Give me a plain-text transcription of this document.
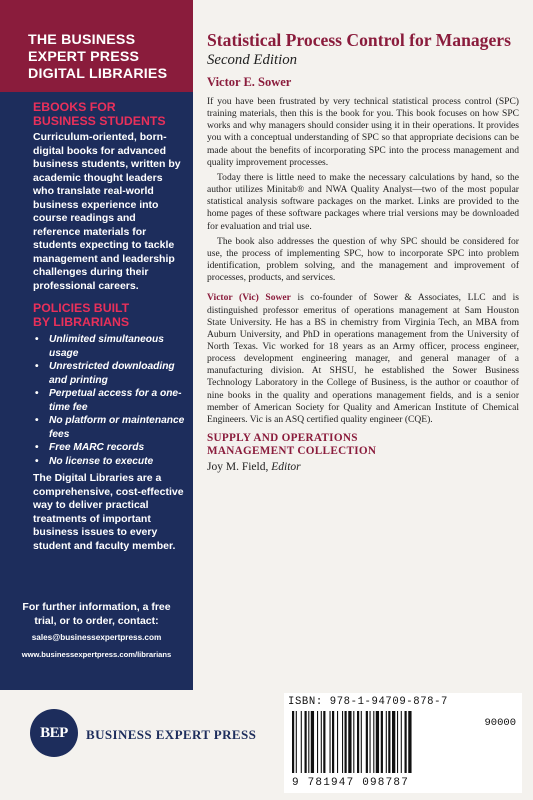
THE BUSINESS
EXPERT PRESS
DIGITAL LIBRARIES
EBOOKS FOR
BUSINESS STUDENTS
Curriculum-oriented, born-digital books for advanced business students, written by academic thought leaders who translate real-world business experience into course readings and reference materials for students expecting to tackle management and leadership challenges during their professional careers.
POLICIES BUILT
BY LIBRARIANS
• Unlimited simultaneous usage
• Unrestricted downloading and printing
• Perpetual access for a one-time fee
• No platform or maintenance fees
• Free MARC records
• No license to execute
The Digital Libraries are a comprehensive, cost-effective way to deliver practical treatments of important business issues to every student and faculty member.
For further information, a free trial, or to order, contact:
sales@businessexpertpress.com
www.businessexpertpress.com/librarians
Statistical Process Control for Managers
Second Edition
Victor E. Sower
If you have been frustrated by very technical statistical process control (SPC) training materials, then this is the book for you. This book focuses on how SPC works and why managers should consider using it in their operations. It provides you with a conceptual understanding of SPC so that appropriate decisions can be made about the benefits of incorporating SPC into the process management and quality improvement processes.
Today there is little need to make the necessary calculations by hand, so the author utilizes Minitab® and NWA Quality Analyst—two of the most popular statistical analysis software packages on the market. Links are provided to the home pages of these software packages where trial versions may be downloaded for evaluation and trial use.
The book also addresses the question of why SPC should be considered for use, the process of implementing SPC, how to incorporate SPC into problem identification, problem solving, and the management and improvement of processes, products, and services.
Victor (Vic) Sower is co-founder of Sower & Associates, LLC and is distinguished professor emeritus of operations management at Sam Houston State University. He has a BS in chemistry from Virginia Tech, an MBA from Auburn University, and PhD in operations management from the University of North Texas. Vic worked for 18 years as an Army officer, process engineer, process development engineering manager, and general manager of a manufacturing division. At SHSU, he established the Sower Business Technology Laboratory in the College of Business, is the author or coauthor of nine books in the quality and operations management fields, and is a senior member of American Society for Quality and American Institute of Chemical Engineers. Vic is an ASQ certified quality engineer (CQE).
SUPPLY AND OPERATIONS
MANAGEMENT COLLECTION
Joy M. Field, Editor
BEP BUSINESS EXPERT PRESS
ISBN: 978-1-94709-878-7
90000
9 781947 098787
